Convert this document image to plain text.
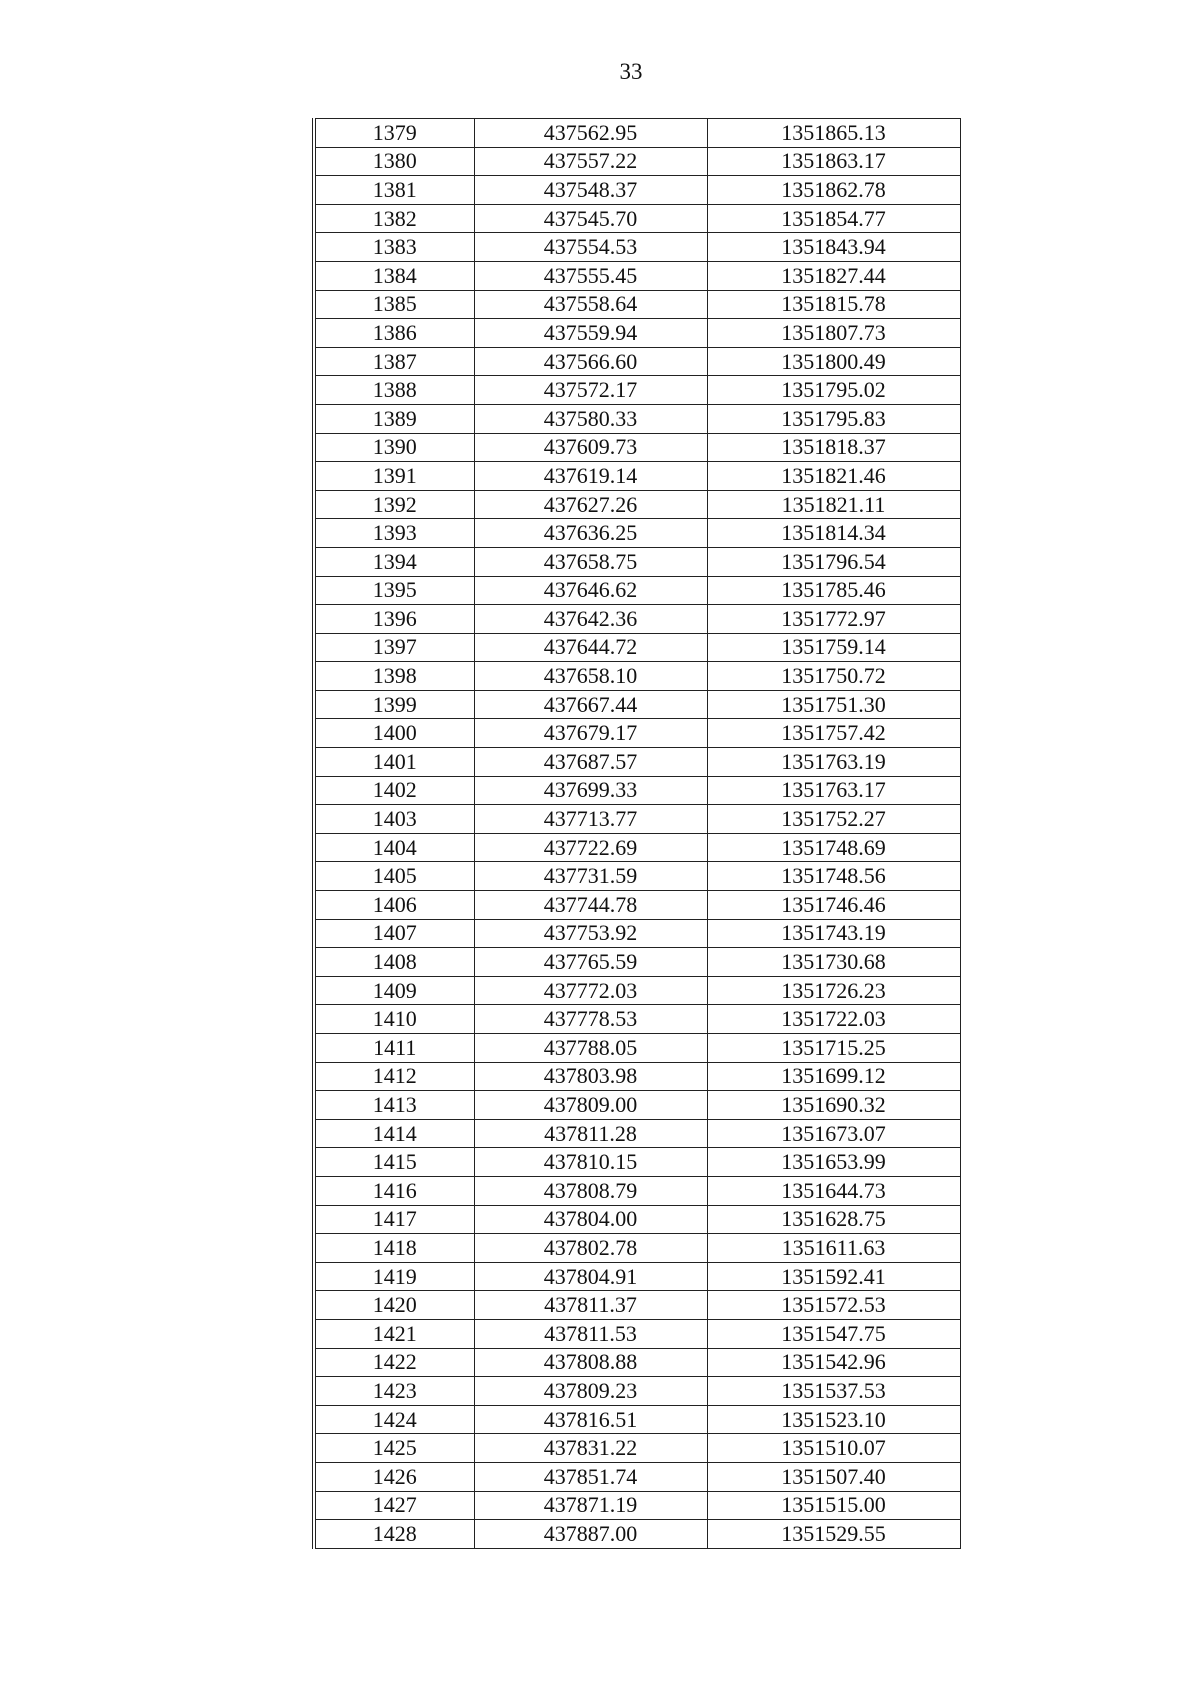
33
1379	437562.95	1351865.13
1380	437557.22	1351863.17
1381	437548.37	1351862.78
1382	437545.70	1351854.77
1383	437554.53	1351843.94
1384	437555.45	1351827.44
1385	437558.64	1351815.78
1386	437559.94	1351807.73
1387	437566.60	1351800.49
1388	437572.17	1351795.02
1389	437580.33	1351795.83
1390	437609.73	1351818.37
1391	437619.14	1351821.46
1392	437627.26	1351821.11
1393	437636.25	1351814.34
1394	437658.75	1351796.54
1395	437646.62	1351785.46
1396	437642.36	1351772.97
1397	437644.72	1351759.14
1398	437658.10	1351750.72
1399	437667.44	1351751.30
1400	437679.17	1351757.42
1401	437687.57	1351763.19
1402	437699.33	1351763.17
1403	437713.77	1351752.27
1404	437722.69	1351748.69
1405	437731.59	1351748.56
1406	437744.78	1351746.46
1407	437753.92	1351743.19
1408	437765.59	1351730.68
1409	437772.03	1351726.23
1410	437778.53	1351722.03
1411	437788.05	1351715.25
1412	437803.98	1351699.12
1413	437809.00	1351690.32
1414	437811.28	1351673.07
1415	437810.15	1351653.99
1416	437808.79	1351644.73
1417	437804.00	1351628.75
1418	437802.78	1351611.63
1419	437804.91	1351592.41
1420	437811.37	1351572.53
1421	437811.53	1351547.75
1422	437808.88	1351542.96
1423	437809.23	1351537.53
1424	437816.51	1351523.10
1425	437831.22	1351510.07
1426	437851.74	1351507.40
1427	437871.19	1351515.00
1428	437887.00	1351529.55
